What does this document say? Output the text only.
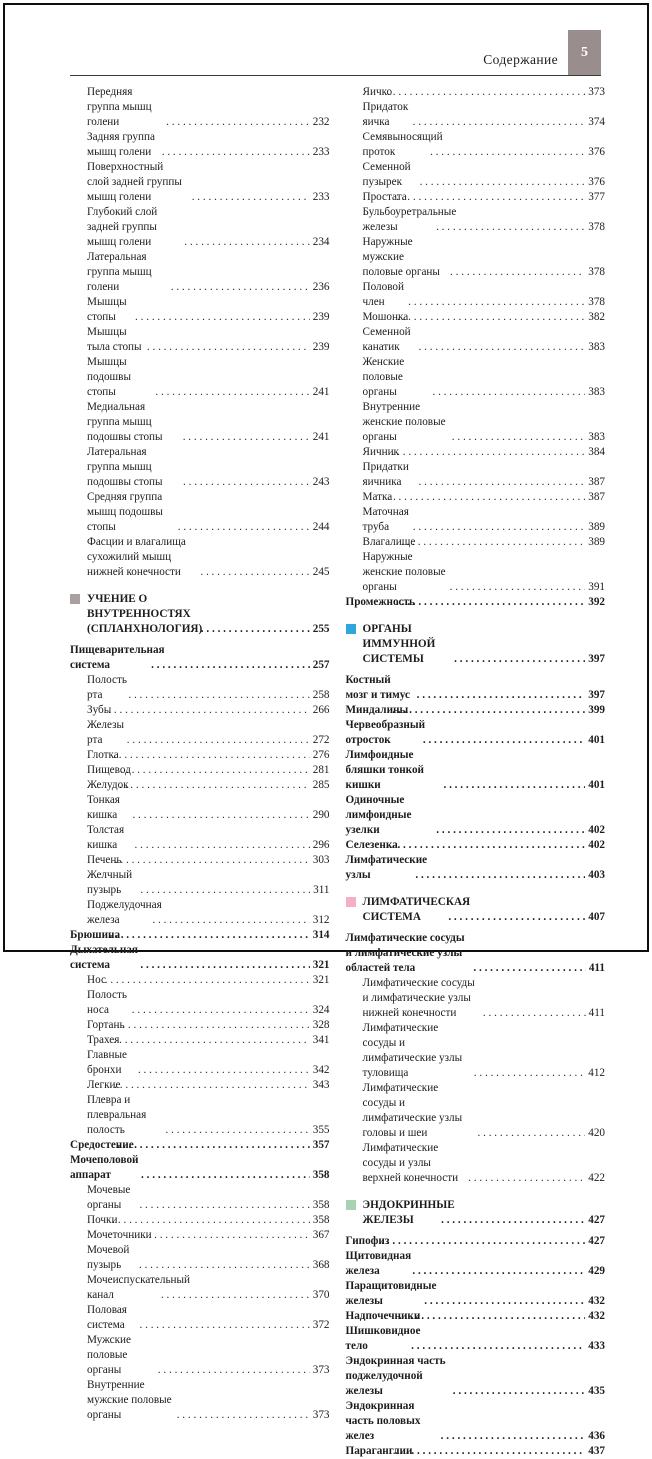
5
Содержание
Передняя группа мышц голени . . .	232
Задняя группа мышц голени . . .	233
Поверхностный слой задней группы мышц голени . . .	233
Глубокий слой задней группы мышц голени . . .	234
Латеральная группа мышц голени . . .	236
Мышцы стопы . . .	239
Мышцы тыла стопы . . .	239
Мышцы подошвы стопы . . .	241
Медиальная группа мышц подошвы стопы . . .	241
Латеральная группа мышц подошвы стопы . . .	243
Средняя группа мышц подошвы стопы . . .	244
Фасции и влагалища сухожилий мышц нижней конечности . . .	245
УЧЕНИЕ О ВНУТРЕННОСТЯХ (СПЛАНХНОЛОГИЯ) . . .	255
Пищеварительная система . . .	257
Полость рта . . .	258
Зубы . . .	266
Железы рта . . .	272
Глотка . . .	276
Пищевод . . .	281
Желудок . . .	285
Тонкая кишка . . .	290
Толстая кишка . . .	296
Печень . . .	303
Желчный пузырь . . .	311
Поджелудочная железа . . .	312
Брюшина . . .	314
Дыхательная система . . .	321
Нос . . .	321
Полость носа . . .	324
Гортань . . .	328
Трахея . . .	341
Главные бронхи . . .	342
Легкие . . .	343
Плевра и плевральная полость . . .	355
Средостение . . .	357
Мочеполовой аппарат . . .	358
Мочевые органы . . .	358
Почки . . .	358
Мочеточники . . .	367
Мочевой пузырь . . .	368
Мочеиспускательный канал . . .	370
Половая система . . .	372
Мужские половые органы . . .	373
Внутренние мужские половые органы . . .	373
Яичко . . .	373
Придаток яичка . . .	374
Семявыносящий проток . . .	376
Семенной пузырек . . .	376
Простата . . .	377
Бульбоуретральные железы . . .	378
Наружные мужские половые органы . . .	378
Половой член . . .	378
Мошонка . . .	382
Семенной канатик . . .	383
Женские половые органы . . .	383
Внутренние женские половые органы . . .	383
Яичник . . .	384
Придатки яичника . . .	387
Матка . . .	387
Маточная труба . . .	389
Влагалище . . .	389
Наружные женские половые органы . . .	391
Промежность . . .	392
ОРГАНЫ ИММУННОЙ СИСТЕМЫ . . .	397
Костный мозг и тимус . . .	397
Миндалины . . .	399
Червеобразный отросток . . .	401
Лимфоидные бляшки тонкой кишки . . .	401
Одиночные лимфоидные узелки . . .	402
Селезенка . . .	402
Лимфатические узлы . . .	403
ЛИМФАТИЧЕСКАЯ СИСТЕМА . . .	407
Лимфатические сосуды и лимфатические узлы областей тела . . .	411
Лимфатические сосуды и лимфатические узлы нижней конечности . . .	411
Лимфатические сосуды и лимфатические узлы туловища . . .	412
Лимфатические сосуды и лимфатические узлы головы и шеи . . .	420
Лимфатические сосуды и узлы верхней конечности . . .	422
ЭНДОКРИННЫЕ ЖЕЛЕЗЫ . . .	427
Гипофиз . . .	427
Щитовидная железа . . .	429
Паращитовидные железы . . .	432
Надпочечники . . .	432
Шишковидное тело . . .	433
Эндокринная часть поджелудочной железы . . .	435
Эндокринная часть половых желез . . .	436
Параганглии . . .	437
